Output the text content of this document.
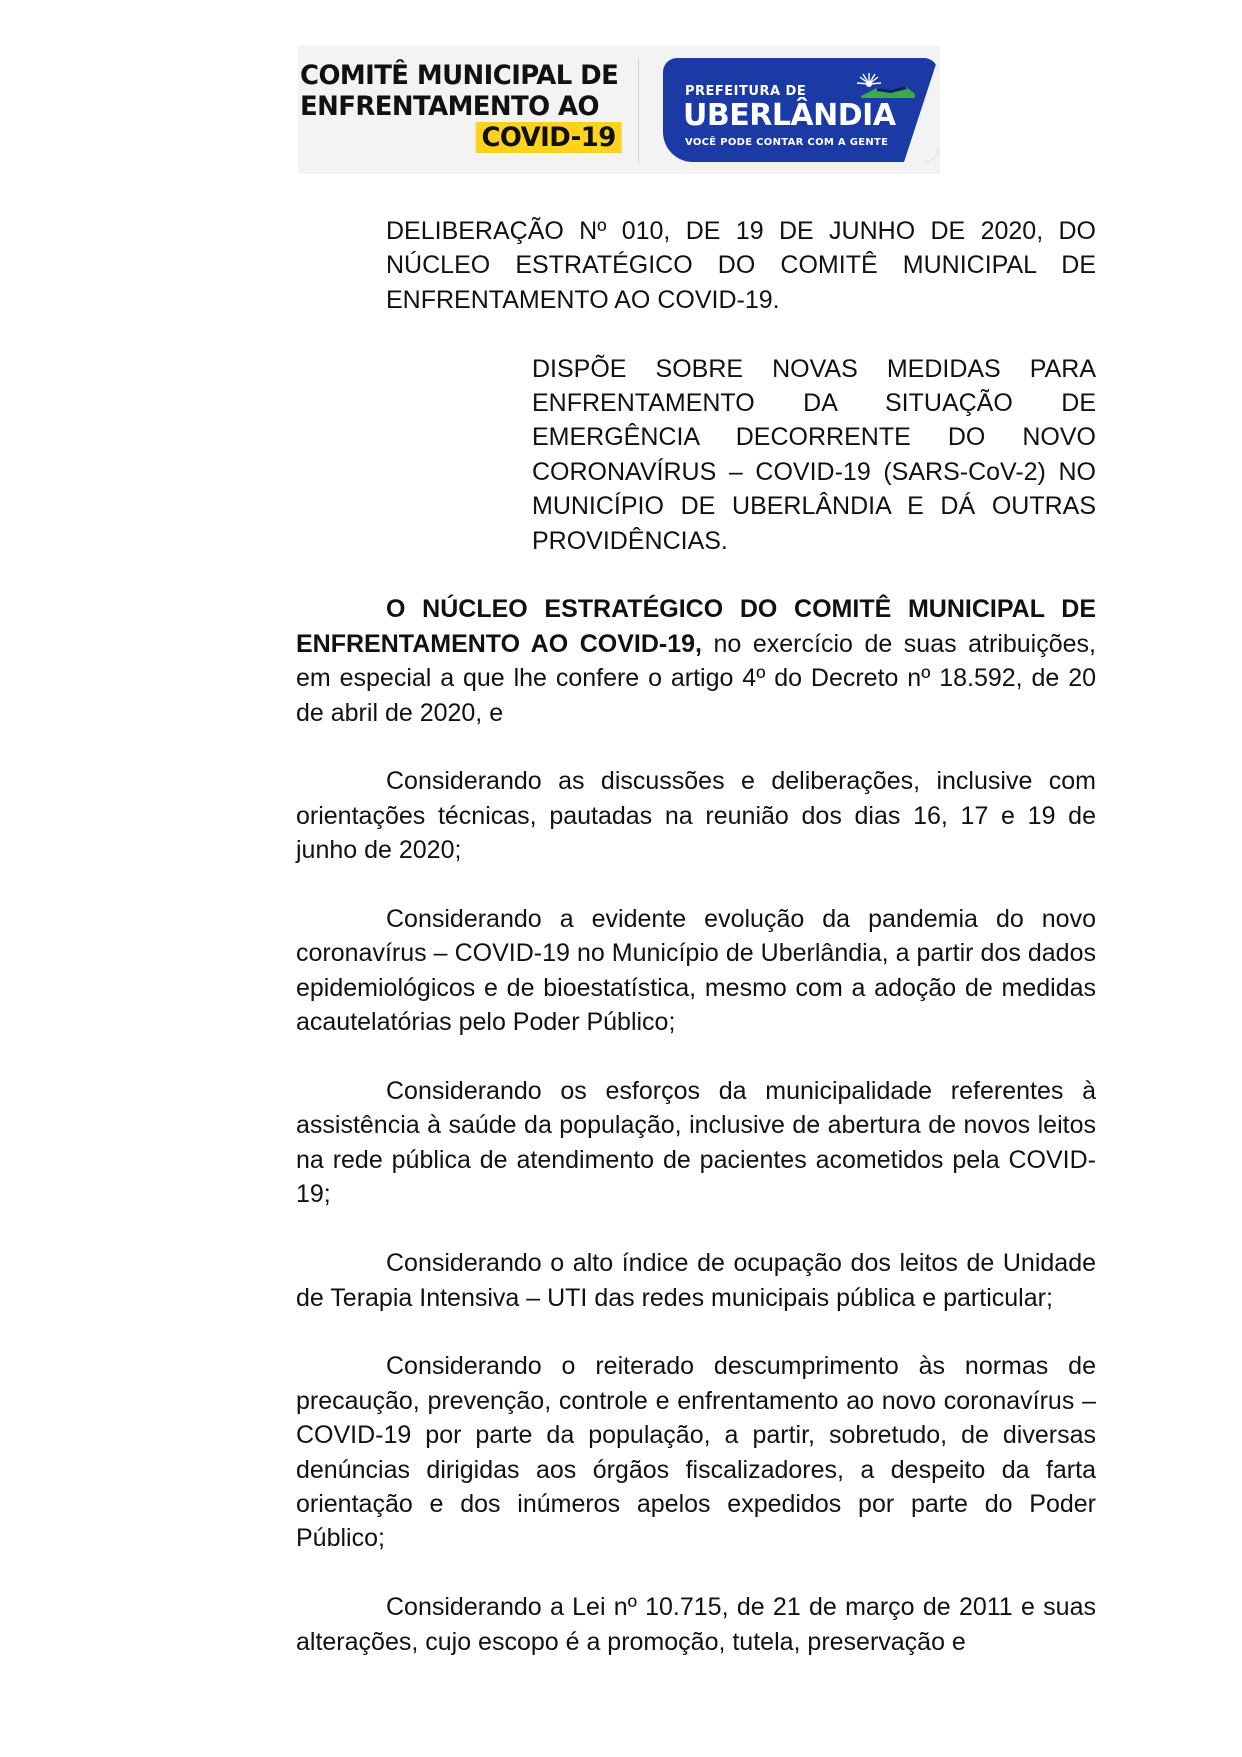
COMITÊ MUNICIPAL DE
ENFRENTAMENTO AO
COVID-19
PREFEITURA DE
UBERLÂNDIA
VOCÊ PODE CONTAR COM A GENTE

DELIBERAÇÃO Nº 010, DE 19 DE JUNHO DE 2020, DO NÚCLEO ESTRATÉGICO DO COMITÊ MUNICIPAL DE ENFRENTAMENTO AO COVID-19.

DISPÕE SOBRE NOVAS MEDIDAS PARA ENFRENTAMENTO DA SITUAÇÃO DE EMERGÊNCIA DECORRENTE DO NOVO CORONAVÍRUS – COVID-19 (SARS-CoV-2) NO MUNICÍPIO DE UBERLÂNDIA E DÁ OUTRAS PROVIDÊNCIAS.

O NÚCLEO ESTRATÉGICO DO COMITÊ MUNICIPAL DE ENFRENTAMENTO AO COVID-19, no exercício de suas atribuições, em especial a que lhe confere o artigo 4º do Decreto nº 18.592, de 20 de abril de 2020, e

Considerando as discussões e deliberações, inclusive com orientações técnicas, pautadas na reunião dos dias 16, 17 e 19 de junho de 2020;

Considerando a evidente evolução da pandemia do novo coronavírus – COVID-19 no Município de Uberlândia, a partir dos dados epidemiológicos e de bioestatística, mesmo com a adoção de medidas acautelatórias pelo Poder Público;

Considerando os esforços da municipalidade referentes à assistência à saúde da população, inclusive de abertura de novos leitos na rede pública de atendimento de pacientes acometidos pela COVID-19;

Considerando o alto índice de ocupação dos leitos de Unidade de Terapia Intensiva – UTI das redes municipais pública e particular;

Considerando o reiterado descumprimento às normas de precaução, prevenção, controle e enfrentamento ao novo coronavírus – COVID-19 por parte da população, a partir, sobretudo, de diversas denúncias dirigidas aos órgãos fiscalizadores, a despeito da farta orientação e dos inúmeros apelos expedidos por parte do Poder Público;

Considerando a Lei nº 10.715, de 21 de março de 2011 e suas alterações, cujo escopo é a promoção, tutela, preservação e
